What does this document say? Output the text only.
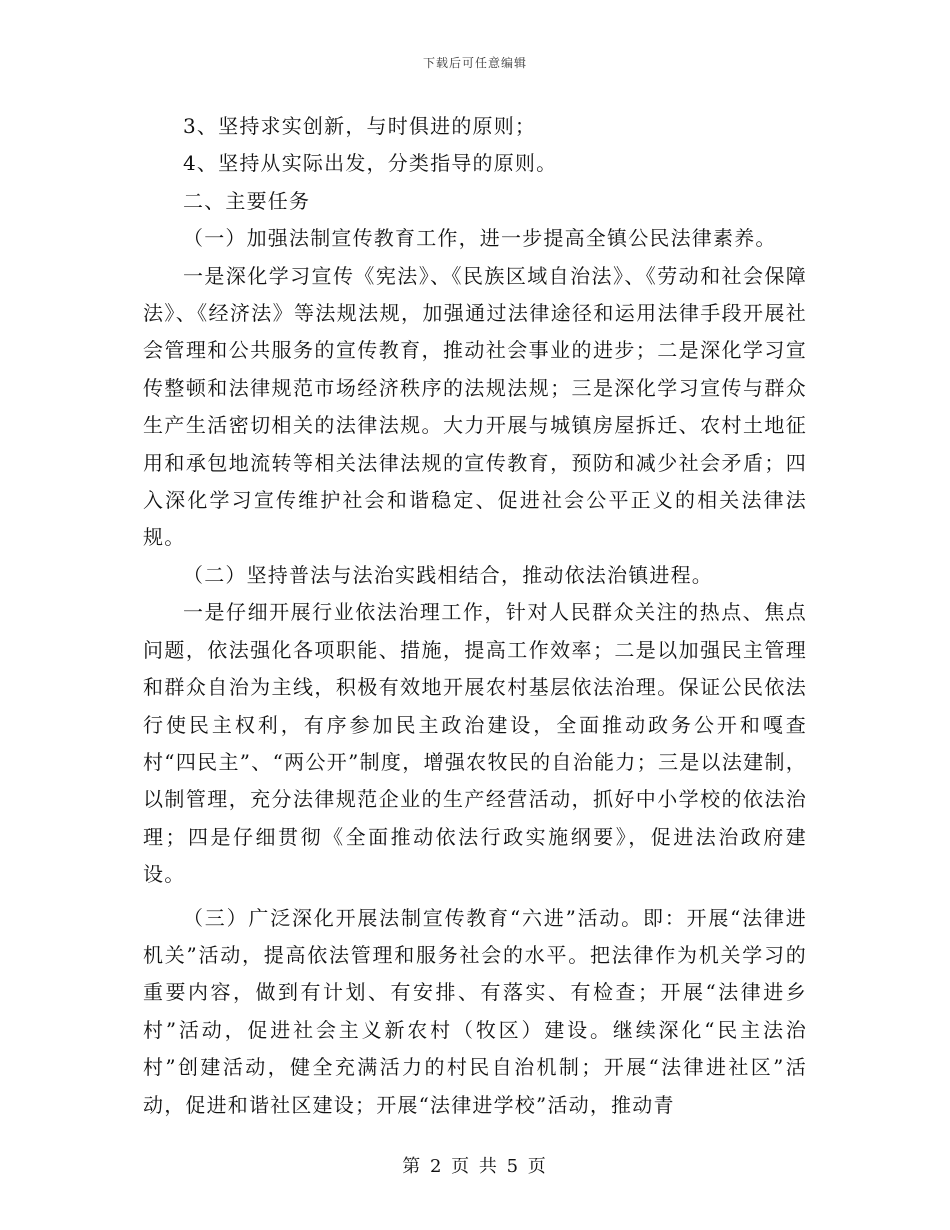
下载后可任意编辑

3、坚持求实创新，与时俱进的原则；

4、坚持从实际出发，分类指导的原则。

二、主要任务

（一）加强法制宣传教育工作，进一步提高全镇公民法律素养。

一是深化学习宣传《宪法》、《民族区域自治法》、《劳动和社会保障法》、《经济法》等法规法规，加强通过法律途径和运用法律手段开展社会管理和公共服务的宣传教育，推动社会事业的进步；二是深化学习宣传整顿和法律规范市场经济秩序的法规法规；三是深化学习宣传与群众生产生活密切相关的法律法规。大力开展与城镇房屋拆迁、农村土地征用和承包地流转等相关法律法规的宣传教育，预防和减少社会矛盾；四入深化学习宣传维护社会和谐稳定、促进社会公平正义的相关法律法规。

（二）坚持普法与法治实践相结合，推动依法治镇进程。

一是仔细开展行业依法治理工作，针对人民群众关注的热点、焦点问题，依法强化各项职能、措施，提高工作效率；二是以加强民主管理和群众自治为主线，积极有效地开展农村基层依法治理。保证公民依法行使民主权利，有序参加民主政治建设，全面推动政务公开和嘎查村“四民主”、“两公开”制度，增强农牧民的自治能力；三是以法建制，以制管理，充分法律规范企业的生产经营活动，抓好中小学校的依法治理；四是仔细贯彻《全面推动依法行政实施纲要》，促进法治政府建设。

（三）广泛深化开展法制宣传教育“六进”活动。即：开展“法律进机关”活动，提高依法管理和服务社会的水平。把法律作为机关学习的重要内容，做到有计划、有安排、有落实、有检查；开展“法律进乡村”活动，促进社会主义新农村（牧区）建设。继续深化“民主法治村”创建活动，健全充满活力的村民自治机制；开展“法律进社区”活动，促进和谐社区建设；开展“法律进学校”活动，推动青

第 2 页 共 5 页
